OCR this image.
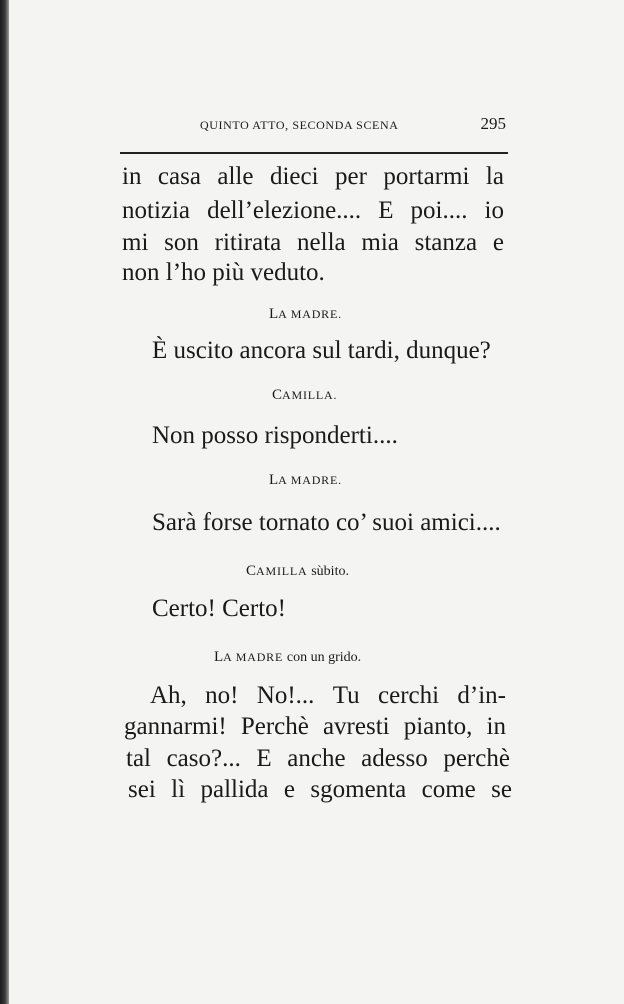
QUINTO ATTO, SECONDA SCENA	295
in casa alle dieci per portarmi la
notizia dell’elezione.... E poi.... io
mi son ritirata nella mia stanza e
non l’ho più veduto.
LA MADRE.
È uscito ancora sul tardi, dunque?
CAMILLA.
Non posso risponderti....
LA MADRE.
Sarà forse tornato co’ suoi amici....
CAMILLA sùbito.
Certo! Certo!
LA MADRE con un grido.
Ah, no! No!... Tu cerchi d’in-
gannarmi! Perchè avresti pianto, in
tal caso?... E anche adesso perchè
sei lì pallida e sgomenta come se
